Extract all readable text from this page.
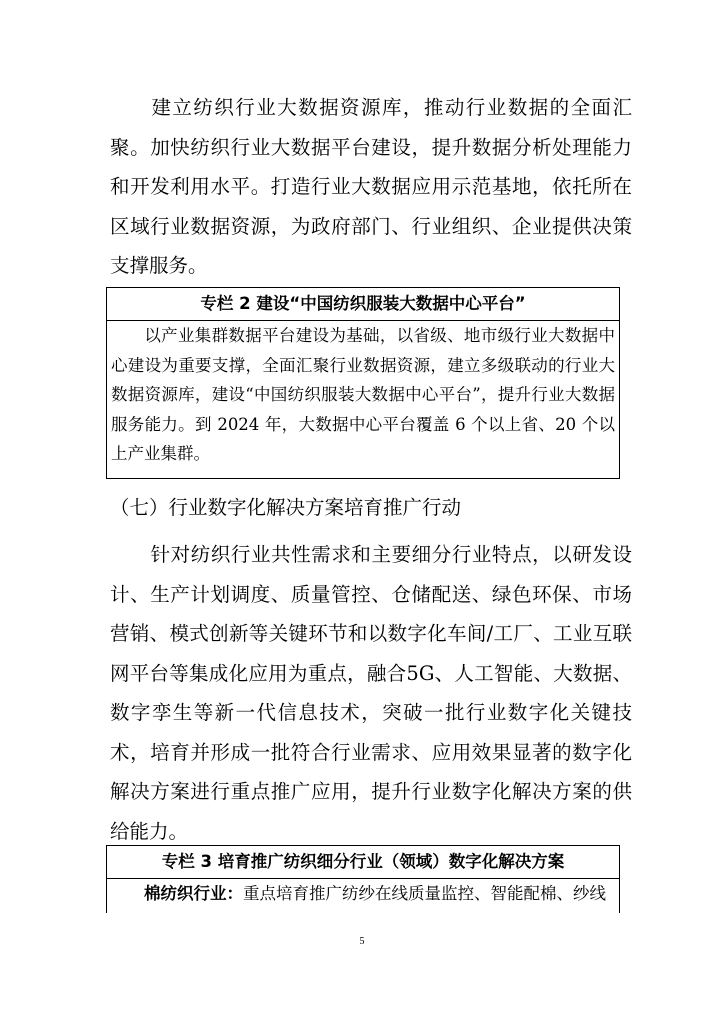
建立纺织行业大数据资源库，推动行业数据的全面汇聚。加快纺织行业大数据平台建设，提升数据分析处理能力和开发利用水平。打造行业大数据应用示范基地，依托所在区域行业数据资源，为政府部门、行业组织、企业提供决策支撑服务。

专栏 2 建设“中国纺织服装大数据中心平台”
以产业集群数据平台建设为基础，以省级、地市级行业大数据中心建设为重要支撑，全面汇聚行业数据资源，建立多级联动的行业大数据资源库，建设“中国纺织服装大数据中心平台”，提升行业大数据服务能力。到 2024 年，大数据中心平台覆盖 6 个以上省、20 个以上产业集群。

（七）行业数字化解决方案培育推广行动

针对纺织行业共性需求和主要细分行业特点，以研发设计、生产计划调度、质量管控、仓储配送、绿色环保、市场营销、模式创新等关键环节和以数字化车间/工厂、工业互联网平台等集成化应用为重点，融合5G、人工智能、大数据、数字孪生等新一代信息技术，突破一批行业数字化关键技术，培育并形成一批符合行业需求、应用效果显著的数字化解决方案进行重点推广应用，提升行业数字化解决方案的供给能力。

专栏 3 培育推广纺织细分行业（领域）数字化解决方案
棉纺织行业：重点培育推广纺纱在线质量监控、智能配棉、纱线
5
